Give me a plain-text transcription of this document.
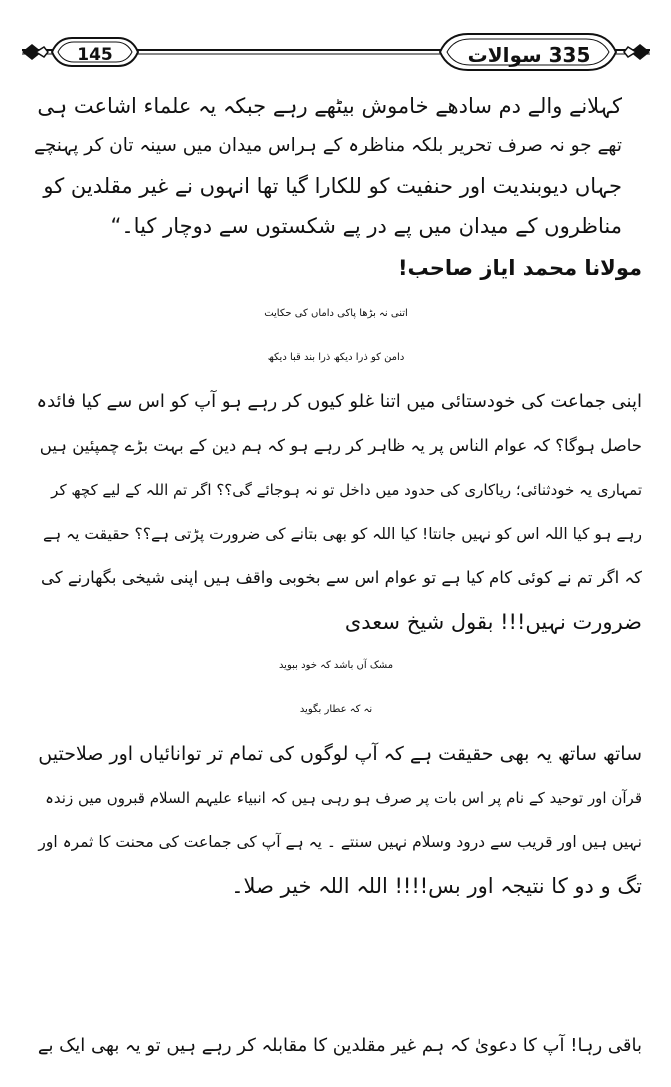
145	335 سوالات
کہلانے والے دم سادھے خاموش بیٹھے رہے جبکہ یہ علماء اشاعت ہی
تھے جو نہ صرف تحریر بلکہ مناظرہ کے ہراس میدان میں سینہ تان کر پہنچے
جہاں دیوبندیت اور حنفیت کو للکارا گیا تھا انہوں نے غیر مقلدین کو
مناظروں کے میدان میں پے در پے شکستوں سے دوچار کیا۔“
مولانا محمد ایاز صاحب!
اتنی نہ بڑھا پاکی داماں کی حکایت
دامن کو ذرا دیکھ ذرا بند قبا دیکھ
اپنی جماعت کی خودستائی میں اتنا غلو کیوں کر رہے ہو آپ کو اس سے کیا فائدہ
حاصل ہوگا؟ کہ عوام الناس پر یہ ظاہر کر رہے ہو کہ ہم دین کے بہت بڑے چمپئین ہیں
تمہاری یہ خودثنائی؛ ریاکاری کی حدود میں داخل تو نہ ہوجائے گی؟؟ اگر تم اللہ کے لیے کچھ کر
رہے ہو کیا اللہ اس کو نہیں جانتا! کیا اللہ کو بھی بتانے کی ضرورت پڑتی ہے؟؟ حقیقت یہ ہے
کہ اگر تم نے کوئی کام کیا ہے تو عوام اس سے بخوبی واقف ہیں اپنی شیخی بگھارنے کی
ضرورت نہیں!!! بقول شیخ سعدی
مشک آں باشد کہ خود ببوید
نہ کہ عطار بگوید
ساتھ ساتھ یہ بھی حقیقت ہے کہ آپ لوگوں کی تمام تر توانائیاں اور صلاحتیں
قرآن اور توحید کے نام پر اس بات پر صرف ہو رہی ہیں کہ انبیاء علیہم السلام قبروں میں زندہ
نہیں ہیں اور قریب سے درود وسلام نہیں سنتے ۔ یہ ہے آپ کی جماعت کی محنت کا ثمرہ اور
تگ و دو کا نتیجہ اور بس!!!! اللہ اللہ خیر صلا۔
باقی رہا! آپ کا دعویٰ کہ ہم غیر مقلدین کا مقابلہ کر رہے ہیں تو یہ بھی ایک بے
